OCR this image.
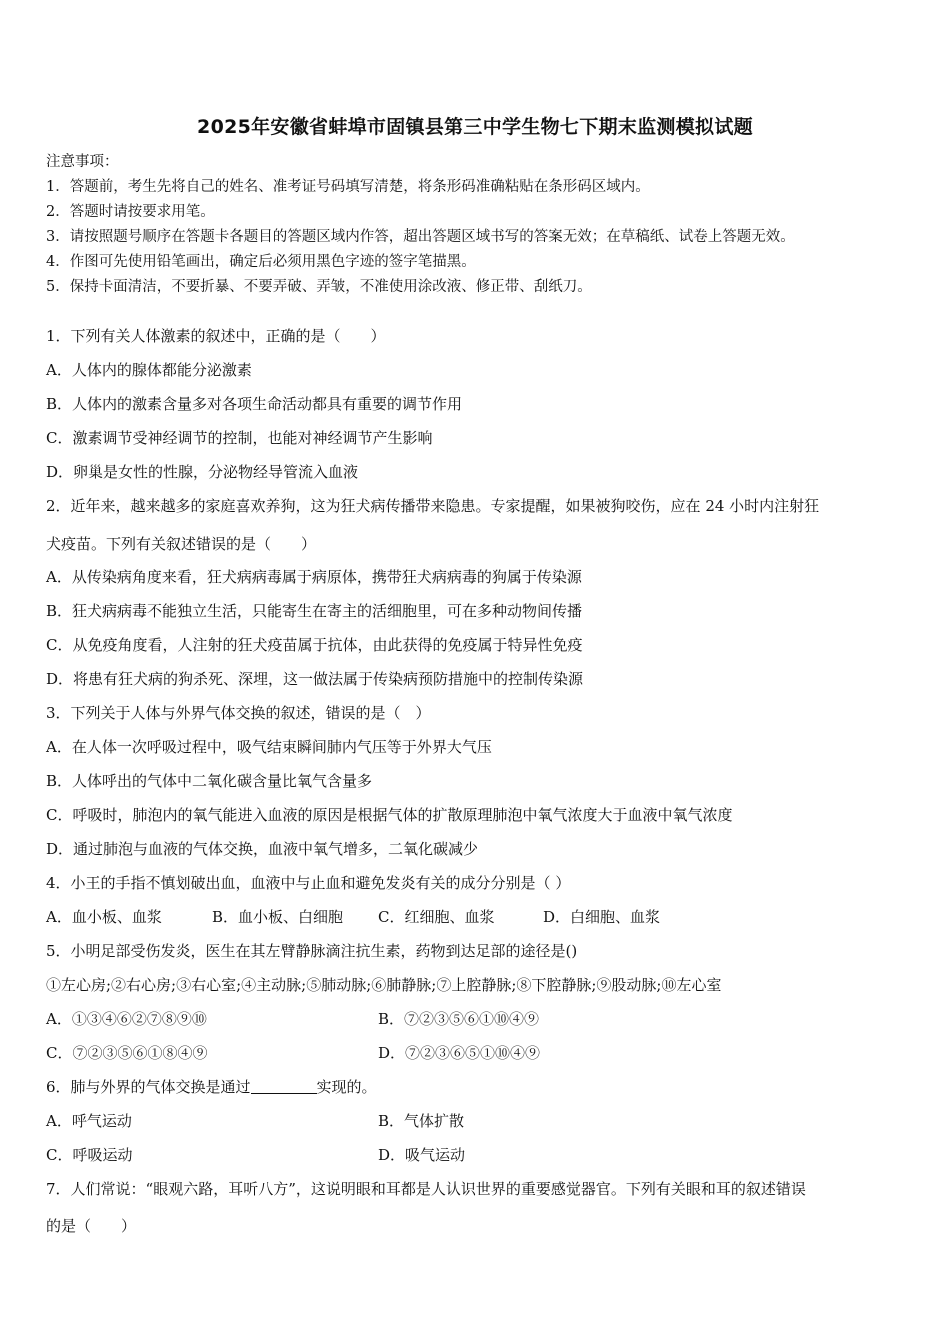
2025年安徽省蚌埠市固镇县第三中学生物七下期末监测模拟试题
注意事项：
1．答题前，考生先将自己的姓名、准考证号码填写清楚，将条形码准确粘贴在条形码区域内。
2．答题时请按要求用笔。
3．请按照题号顺序在答题卡各题目的答题区域内作答，超出答题区域书写的答案无效；在草稿纸、试卷上答题无效。
4．作图可先使用铅笔画出，确定后必须用黑色字迹的签字笔描黑。
5．保持卡面清洁，不要折暴、不要弄破、弄皱，不准使用涂改液、修正带、刮纸刀。
1．下列有关人体激素的叙述中，正确的是（　　）
A．人体内的腺体都能分泌激素
B．人体内的激素含量多对各项生命活动都具有重要的调节作用
C．激素调节受神经调节的控制，也能对神经调节产生影响
D．卵巢是女性的性腺，分泌物经导管流入血液
2．近年来，越来越多的家庭喜欢养狗，这为狂犬病传播带来隐患。专家提醒，如果被狗咬伤，应在 24 小时内注射狂
犬疫苗。下列有关叙述错误的是（　　）
A．从传染病角度来看，狂犬病病毒属于病原体，携带狂犬病病毒的狗属于传染源
B．狂犬病病毒不能独立生活，只能寄生在寄主的活细胞里，可在多种动物间传播
C．从免疫角度看，人注射的狂犬疫苗属于抗体，由此获得的免疫属于特异性免疫
D．将患有狂犬病的狗杀死、深埋，这一做法属于传染病预防措施中的控制传染源
3．下列关于人体与外界气体交换的叙述，错误的是（　）
A．在人体一次呼吸过程中，吸气结束瞬间肺内气压等于外界大气压
B．人体呼出的气体中二氧化碳含量比氧气含量多
C．呼吸时，肺泡内的氧气能进入血液的原因是根据气体的扩散原理肺泡中氧气浓度大于血液中氧气浓度
D．通过肺泡与血液的气体交换，血液中氧气增多，二氧化碳减少
4．小王的手指不慎划破出血，血液中与止血和避免发炎有关的成分分别是（ ）
A．血小板、血浆	B．血小板、白细胞 C．红细胞、血浆	D．白细胞、血浆
5．小明足部受伤发炎，医生在其左臂静脉滴注抗生素，药物到达足部的途径是()
①左心房;②右心房;③右心室;④主动脉;⑤肺动脉;⑥肺静脉;⑦上腔静脉;⑧下腔静脉;⑨股动脉;⑩左心室
A．①③④⑥②⑦⑧⑨⑩	B．⑦②③⑤⑥①⑩④⑨
C．⑦②③⑤⑥①⑧④⑨	D．⑦②③⑥⑤①⑩④⑨
6．肺与外界的气体交换是通过	实现的。
A．呼气运动	B．气体扩散
C．呼吸运动	D．吸气运动
7．人们常说：“眼观六路，耳听八方”，这说明眼和耳都是人认识世界的重要感觉器官。下列有关眼和耳的叙述错误
的是（　　）
